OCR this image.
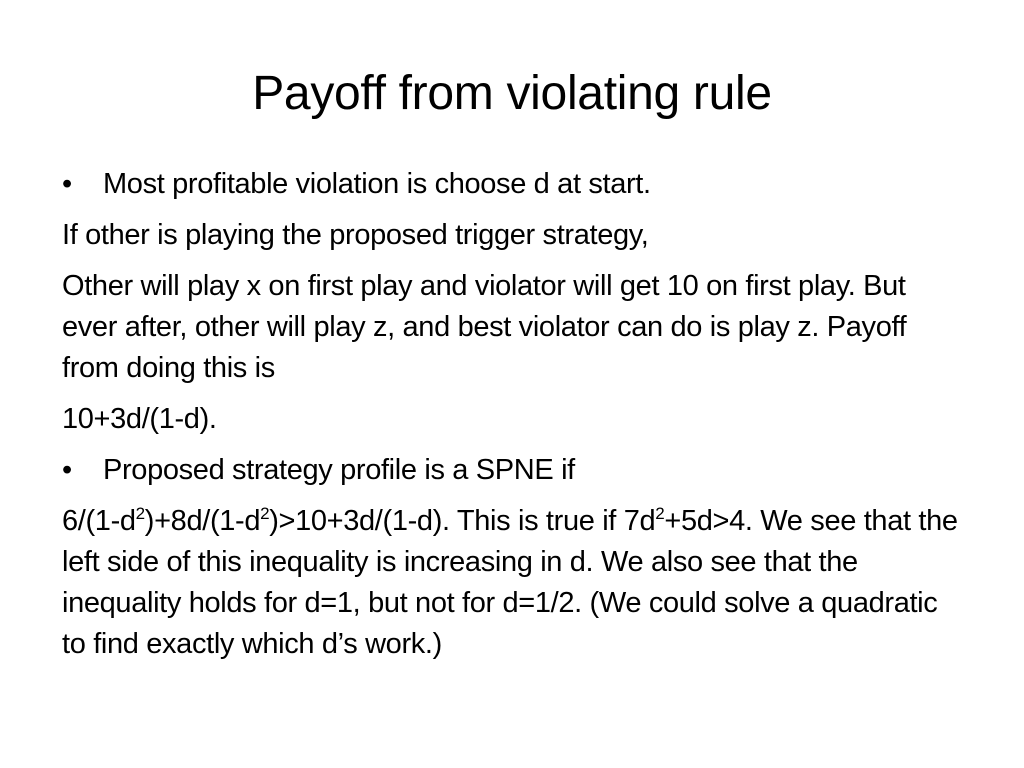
Payoff from violating rule
• Most profitable violation is choose d at start.
If other is playing the proposed trigger strategy,
Other will play x on first play and violator will get 10 on first play. But ever after, other will play z, and best violator can do is play z. Payoff from doing this is
10+3d/(1-d).
• Proposed strategy profile is a SPNE if
$6/(1-d^2)+8d/(1-d^2)>10+3d/(1-d)$. This is true if $7d^2+5d>4$. We see that the left side of this inequality is increasing in d. We also see that the inequality holds for d=1, but not for d=1/2. (We could solve a quadratic to find exactly which d’s work.)
